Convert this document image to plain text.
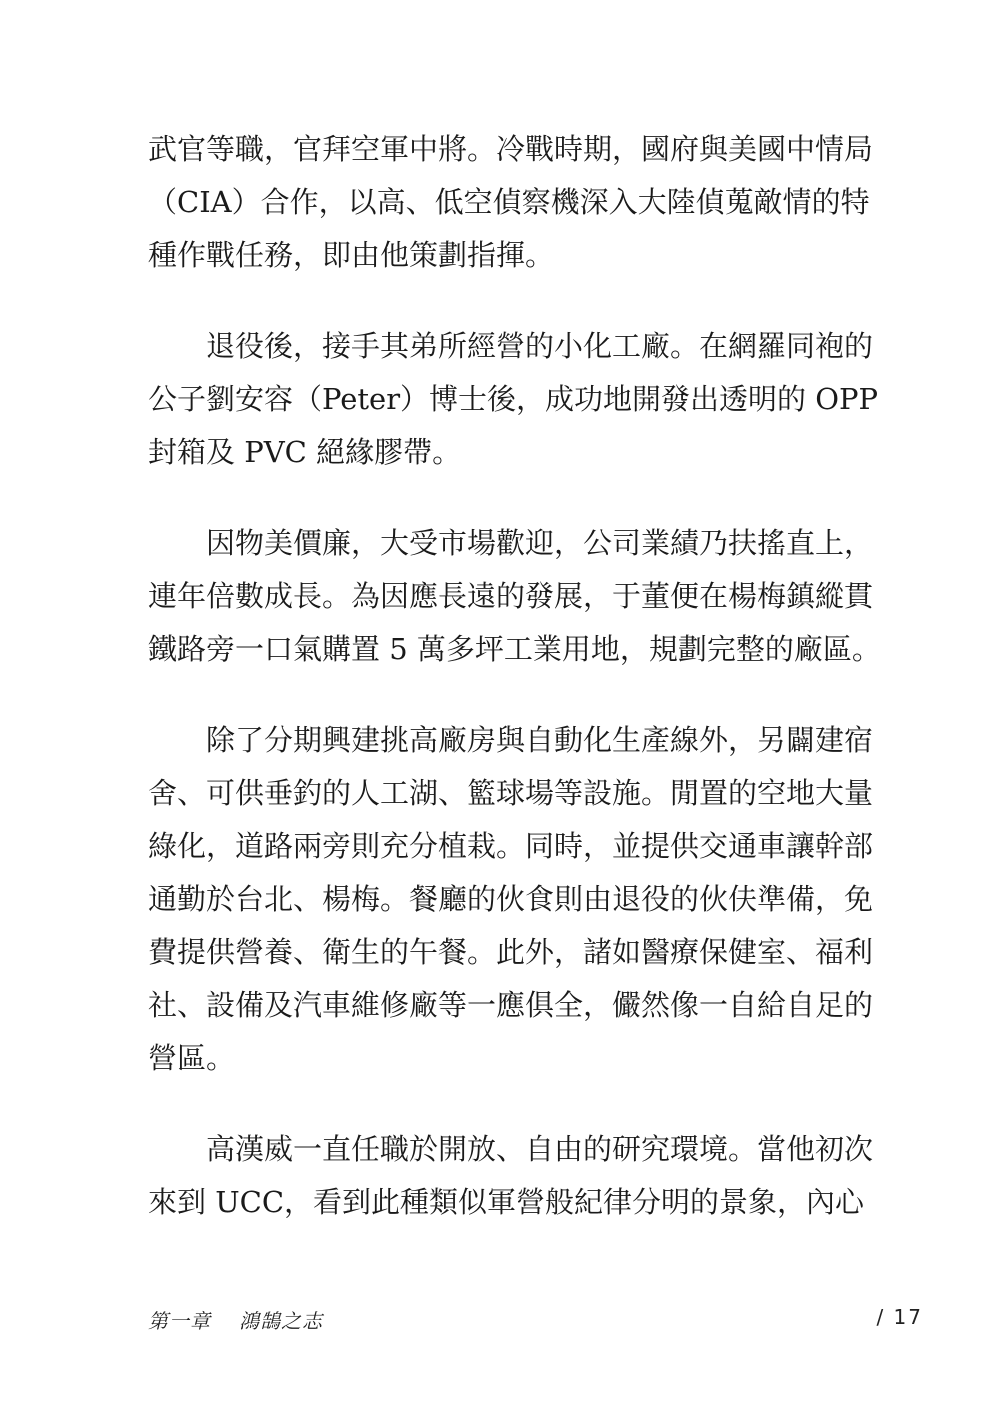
武官等職，官拜空軍中將。冷戰時期，國府與美國中情局
（CIA）合作，以高、低空偵察機深入大陸偵蒐敵情的特
種作戰任務，即由他策劃指揮。
退役後，接手其弟所經營的小化工廠。在網羅同袍的
公子劉安容（Peter）博士後，成功地開發出透明的 OPP
封箱及 PVC 絕緣膠帶。
因物美價廉，大受市場歡迎，公司業績乃扶搖直上，
連年倍數成長。為因應長遠的發展，于董便在楊梅鎮縱貫
鐵路旁一口氣購置 5 萬多坪工業用地，規劃完整的廠區。
除了分期興建挑高廠房與自動化生產線外，另闢建宿
舍、可供垂釣的人工湖、籃球場等設施。閒置的空地大量
綠化，道路兩旁則充分植栽。同時，並提供交通車讓幹部
通勤於台北、楊梅。餐廳的伙食則由退役的伙伕準備，免
費提供營養、衛生的午餐。此外，諸如醫療保健室、福利
社、設備及汽車維修廠等一應俱全，儼然像一自給自足的
營區。
高漢威一直任職於開放、自由的研究環境。當他初次
來到 UCC，看到此種類似軍營般紀律分明的景象，內心
第一章 鴻鵠之志	/ 17
